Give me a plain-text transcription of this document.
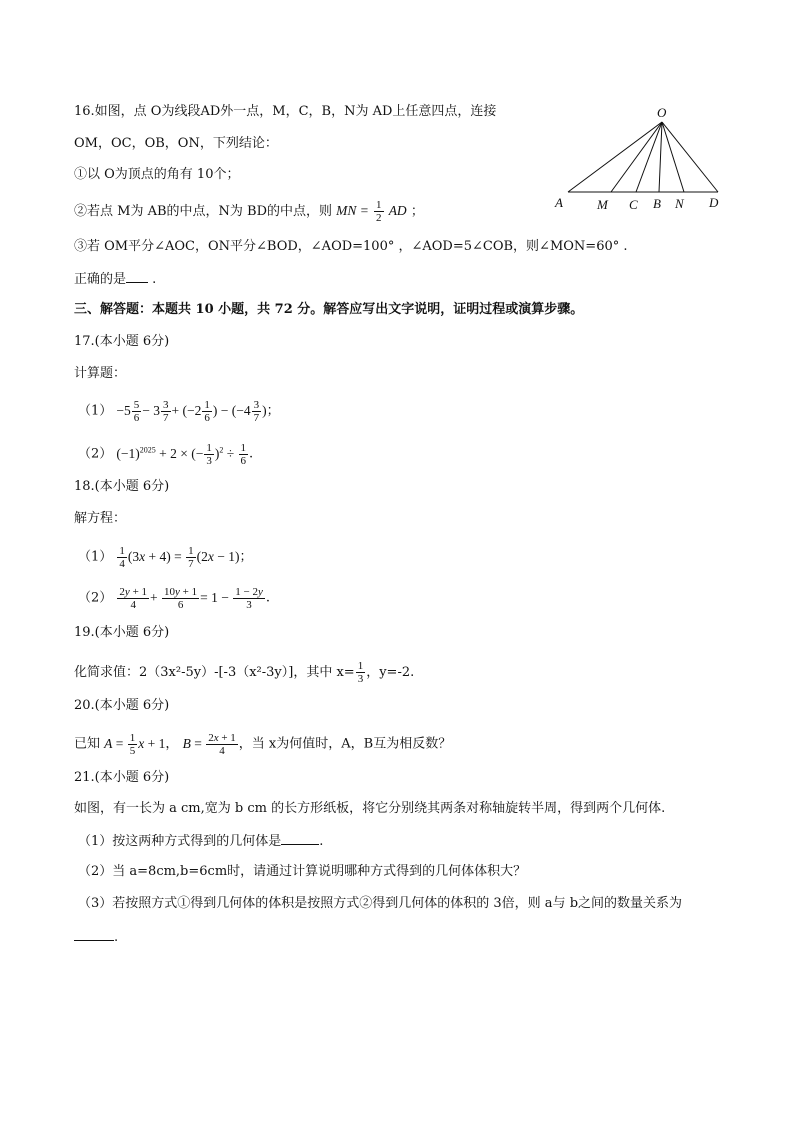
16.如图，点 O为线段AD外一点，M，C，B，N为 AD上任意四点，连接
OM，OC，OB，ON，下列结论：
①以 O为顶点的角有 10个；
②若点 M为 AB的中点，N为 BD的中点，则 MN = $\frac{1}{2}$ AD ；
③若 OM平分∠AOC，ON平分∠BOD，∠AOD=100° ，∠AOD=5∠COB，则∠MON=60° .
正确的是 .
O
A	M C B N D
三、解答题：本题共 10 小题，共 72 分。解答应写出文字说明，证明过程或演算步骤。
17.(本小题 6分)
计算题：
$(1) -5 \frac{5}{6} - 3 \frac{3}{7} + (-2 \frac{1}{6}$ ) − ($-4 \frac{3}{7}$ )；
（2） $(-1)^{2025} + 2$ × (− $\frac{1}{3} )^2 \div \frac{1}{6}$ .
18.(本小题 6分)
解方程：
$(1) \frac{1}{4} (3x + 4) = \frac{1}{7} (2x - 1)$；
$(2) \frac{2y + 1}{4} + \frac{10y + 1}{6} = 1 - \frac{1 - 2y}{3}$ .
19.(本小题 6分)
化简求值：2（3x²-5y）-[-3（x²-3y）]，其中 $x= \frac{1}{3}$ ，y=-2.
20.(本小题 6分)
已知 $A = \frac{1}{5}$ x + 1， $B = \frac{2x + 1}{4}$ ，当 x为何值时，A，B互为相反数？
21.(本小题 6分)
如图，有一长为 a cm,宽为 b cm 的长方形纸板，将它分别绕其两条对称轴旋转半周，得到两个几何体.
（1）按这两种方式得到的几何体是	.
（2）当 a=8cm,b=6cm时，请通过计算说明哪种方式得到的几何体体积大？
（3）若按照方式①得到几何体的体积是按照方式②得到几何体的体积的 3倍，则 a与 b之间的数量关系为
.
